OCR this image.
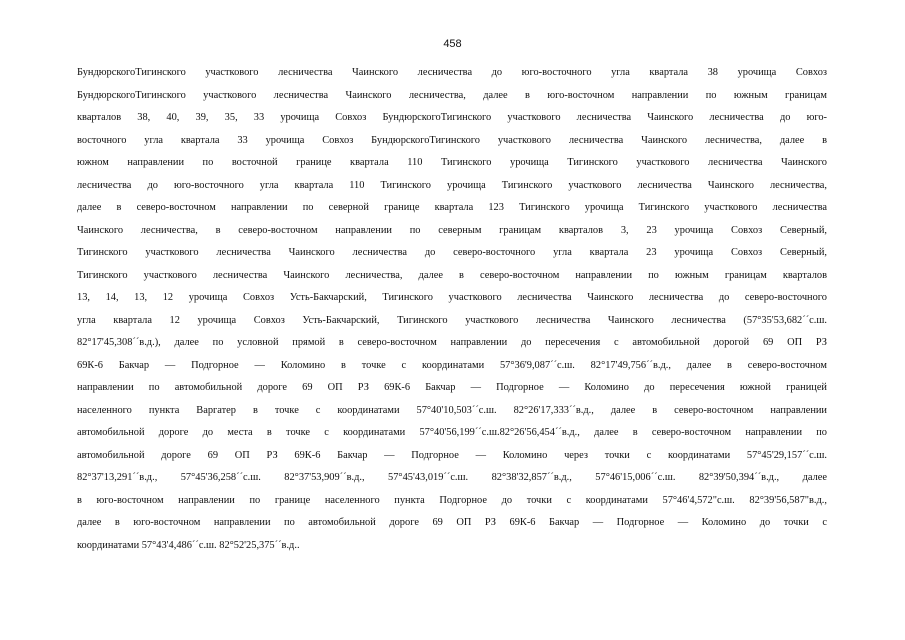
458
БундюрскогоТигинского участкового лесничества Чаинского лесничества до юго-восточного угла квартала 38 урочища Совхоз
БундюрскогоТигинского участкового лесничества Чаинского лесничества, далее в юго-восточном направлении по южным границам
кварталов 38, 40, 39, 35, 33 урочища Совхоз БундюрскогоТигинского участкового лесничества Чаинского лесничества до юго-
восточного угла квартала 33 урочища Совхоз БундюрскогоТигинского участкового лесничества Чаинского лесничества, далее в
южном направлении по восточной границе квартала 110 Тигинского урочища Тигинского участкового лесничества Чаинского
лесничества до юго-восточного угла квартала 110 Тигинского урочища Тигинского участкового лесничества Чаинского лесничества,
далее в северо-восточном направлении по северной границе квартала 123 Тигинского урочища Тигинского участкового лесничества
Чаинского лесничества, в северо-восточном направлении по северным границам кварталов 3, 23 урочища Совхоз Северный,
Тигинского участкового лесничества Чаинского лесничества до северо-восточного угла квартала 23 урочища Совхоз Северный,
Тигинского участкового лесничества Чаинского лесничества, далее в северо-восточном направлении по южным границам кварталов
13, 14, 13, 12 урочища Совхоз Усть-Бакчарский, Тигинского участкового лесничества Чаинского лесничества до северо-восточного
угла квартала 12 урочища Совхоз Усть-Бакчарский, Тигинского участкового лесничества Чаинского лесничества (57°35'53,682´´с.ш.
82°17'45,308´´в.д.), далее по условной прямой в северо-восточном направлении до пересечения с автомобильной дорогой 69 ОП РЗ
69К-6 Бакчар — Подгорное — Коломино в точке с координатами 57°36'9,087´´с.ш. 82°17'49,756´´в.д., далее в северо-восточном
направлении по автомобильной дороге 69 ОП РЗ 69К-6 Бакчар — Подгорное — Коломино до пересечения южной границей
населенного пункта Варгатер в точке с координатами 57°40'10,503´´с.ш. 82°26'17,333´´в.д., далее в северо-восточном направлении
автомобильной дороге до места в точке с координатами 57°40'56,199´´с.ш.82°26'56,454´´в.д., далее в северо-восточном направлении по
автомобильной дороге 69 ОП РЗ 69К-6 Бакчар — Подгорное — Коломино через точки с координатами 57°45'29,157´´с.ш.
82°37'13,291´´в.д., 57°45'36,258´´с.ш. 82°37'53,909´´в.д., 57°45'43,019´´с.ш. 82°38'32,857´´в.д., 57°46'15,006´´с.ш. 82°39'50,394´´в.д., далее
в юго-восточном направлении по границе населенного пункта Подгорное до точки с координатами 57°46'4,572"с.ш. 82°39'56,587"в.д.,
далее в юго-восточном направлении по автомобильной дороге 69 ОП РЗ 69К-6 Бакчар — Подгорное — Коломино до точки с
координатами 57°43'4,486´´с.ш. 82°52'25,375´´в.д..
